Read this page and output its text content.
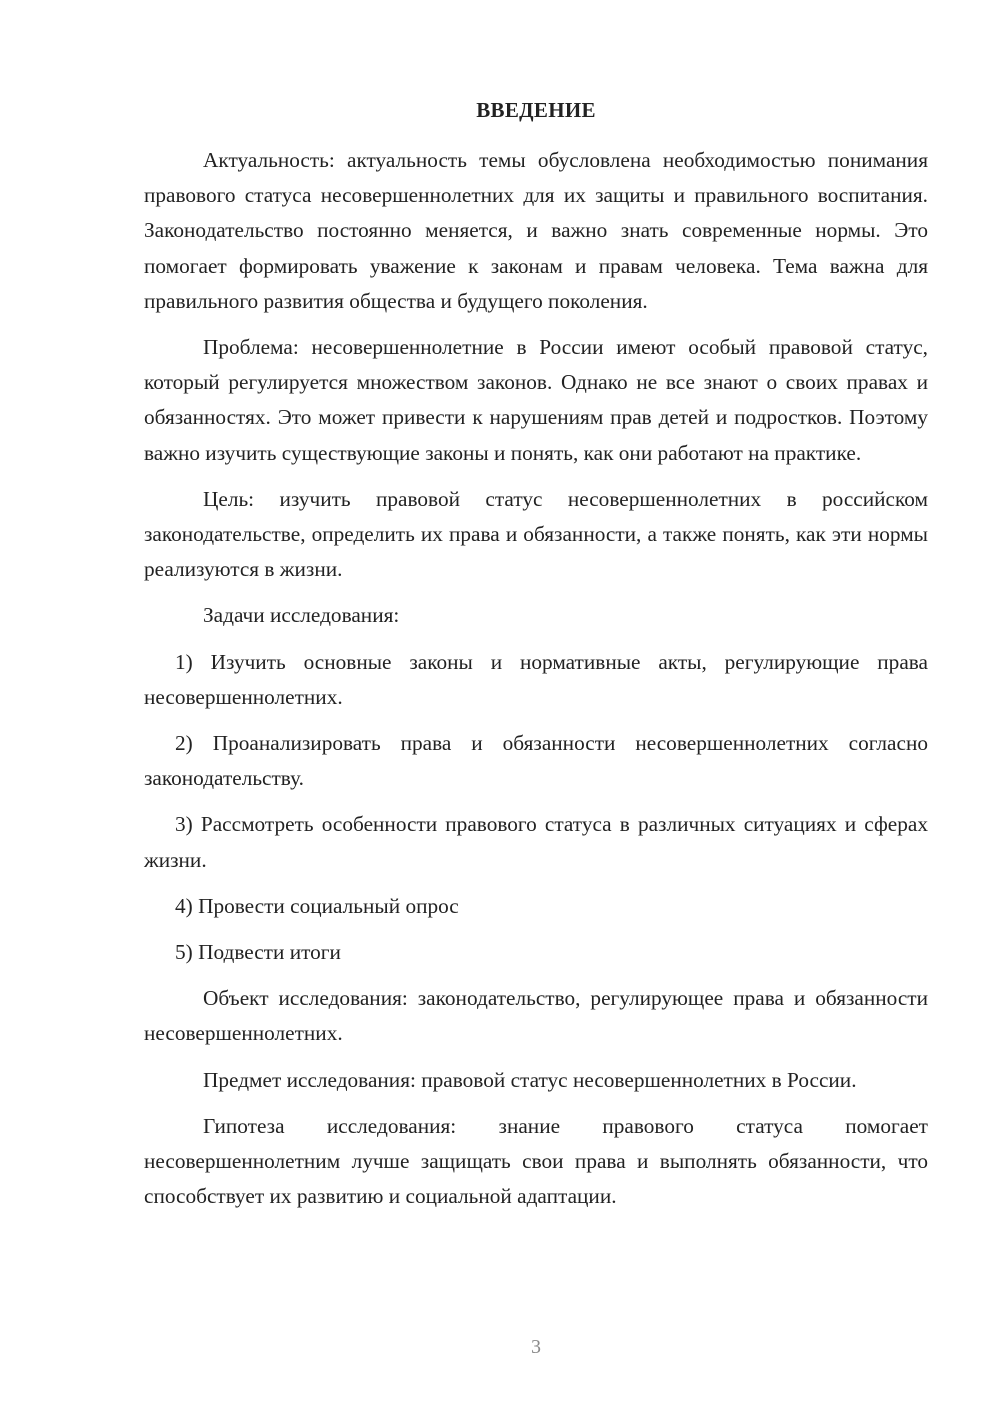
ВВЕДЕНИЕ

Актуальность: актуальность темы обусловлена необходимостью понимания правового статуса несовершеннолетних для их защиты и правильного воспитания. Законодательство постоянно меняется, и важно знать современные нормы. Это помогает формировать уважение к законам и правам человека. Тема важна для правильного развития общества и будущего поколения.

Проблема: несовершеннолетние в России имеют особый правовой статус, который регулируется множеством законов. Однако не все знают о своих правах и обязанностях. Это может привести к нарушениям прав детей и подростков. Поэтому важно изучить существующие законы и понять, как они работают на практике.

Цель: изучить правовой статус несовершеннолетних в российском законодательстве, определить их права и обязанности, а также понять, как эти нормы реализуются в жизни.

Задачи исследования:

1) Изучить основные законы и нормативные акты, регулирующие права несовершеннолетних.

2) Проанализировать права и обязанности несовершеннолетних согласно законодательству.

3) Рассмотреть особенности правового статуса в различных ситуациях и сферах жизни.

4) Провести социальный опрос

5) Подвести итоги

Объект исследования: законодательство, регулирующее права и обязанности несовершеннолетних.

Предмет исследования: правовой статус несовершеннолетних в России.

Гипотеза исследования: знание правового статуса помогает несовершеннолетним лучше защищать свои права и выполнять обязанности, что способствует их развитию и социальной адаптации.

3
